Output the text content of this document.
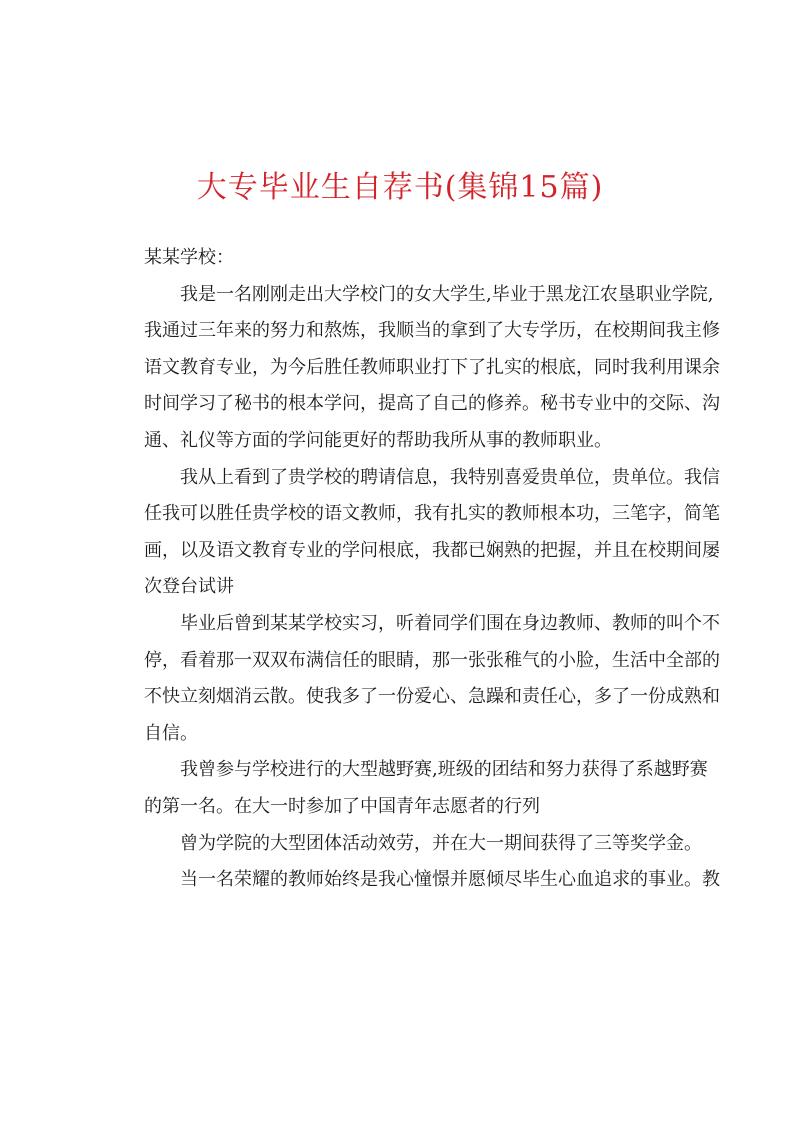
大专毕业生自荐书(集锦15篇)

某某学校：

我是一名刚刚走出大学校门的女大学生,毕业于黑龙江农垦职业学院,
我通过三年来的努力和熬炼，我顺当的拿到了大专学历，在校期间我主修
语文教育专业，为今后胜任教师职业打下了扎实的根底，同时我利用课余
时间学习了秘书的根本学问，提高了自己的修养。秘书专业中的交际、沟
通、礼仪等方面的学问能更好的帮助我所从事的教师职业。
我从上看到了贵学校的聘请信息，我特别喜爱贵单位，贵单位。我信
任我可以胜任贵学校的语文教师，我有扎实的教师根本功，三笔字，简笔
画，以及语文教育专业的学问根底，我都已娴熟的把握，并且在校期间屡
次登台试讲
毕业后曾到某某学校实习，听着同学们围在身边教师、教师的叫个不
停，看着那一双双布满信任的眼睛，那一张张稚气的小脸，生活中全部的
不快立刻烟消云散。使我多了一份爱心、急躁和责任心，多了一份成熟和
自信。
我曾参与学校进行的大型越野赛,班级的团结和努力获得了系越野赛
的第一名。在大一时参加了中国青年志愿者的行列
曾为学院的大型团体活动效劳，并在大一期间获得了三等奖学金。
当一名荣耀的教师始终是我心憧憬并愿倾尽毕生心血追求的事业。教
